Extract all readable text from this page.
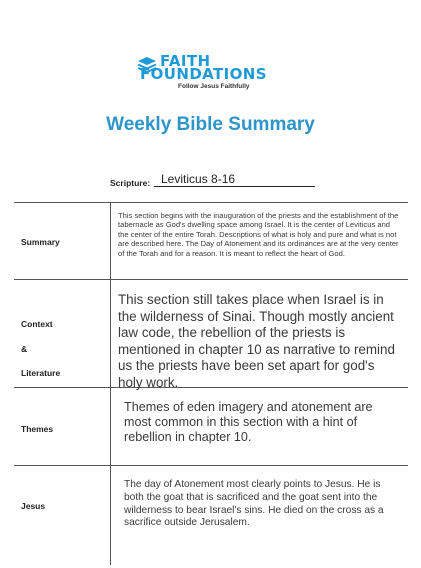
FAITH
FOUNDATIONS
Follow Jesus Faithfully
Weekly Bible Summary
Scripture: Leviticus 8-16
Summary
This section begins with the inauguration of the priests and the establishment of the tabernacle as God's dwelling space among Israel. It is the center of Leviticus and the center of the entire Torah. Descriptions of what is holy and pure and what is not are described here. The Day of Atonement and its ordinances are at the very center of the Torah and for a reason. It is meant to reflect the heart of God.
Context
&
Literature
This section still takes place when Israel is in the wilderness of Sinai. Though mostly ancient law code, the rebellion of the priests is mentioned in chapter 10 as narrative to remind us the priests have been set apart for god's holy work.
Themes
Themes of eden imagery and atonement are most common in this section with a hint of rebellion in chapter 10.
Jesus
The day of Atonement most clearly points to Jesus. He is both the goat that is sacrificed and the goat sent into the wilderness to bear Israel's sins. He died on the cross as a sacrifice outside Jerusalem.
